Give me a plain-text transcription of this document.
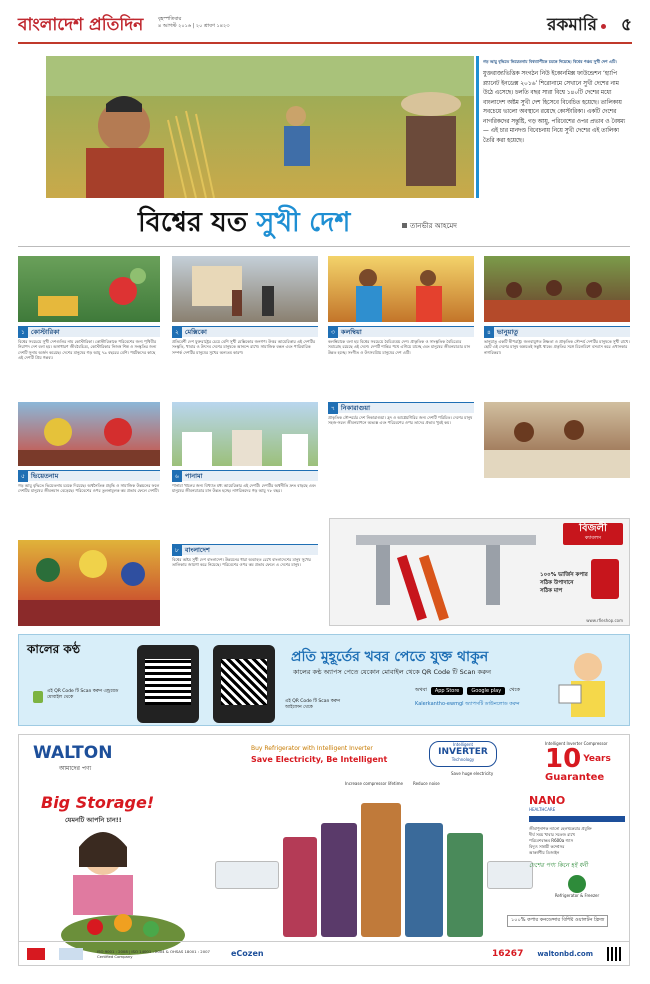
বাংলাদেশ প্রতিদিন	বৃহস্পতিবার
৪ আগস্ট ২০১৬ | ২০ শ্রাবণ ১৪২৩	রকমারি ৫
গড় আয়ু বৃদ্ধিতে ভিয়েতনাম বিশ্বব্যাপীকে চমকে দিয়েছে। বিশ্বের পঞ্চম সুখী দেশ এটি।
যুক্তরাজ্যভিত্তিক সংগঠন নিউ ইকোনমিক্স ফাউন্ডেশন ‘হ্যাপি প্ল্যানেট ইনডেক্স ২০১৬’ শিরোনামে সেখানে সুখী দেশের নাম উঠে এসেছে। চলতি বছর সারা বিশ্বে ১৪০টি দেশের মধ্যে বাংলাদেশ অষ্টম সুখী দেশ হিসেবে বিবেচিত হয়েছে। তালিকায় সবচেয়ে ভালো অবস্থানে রয়েছে কোস্টারিকা। একটি দেশের নাগরিকদের সন্তুষ্টি, গড় আয়ু, পরিবেশের ওপর প্রভাব ও বৈষম্য— এই চার মানদণ্ড বিবেচনায় নিয়ে সুখী দেশের এই তালিকা তৈরি করা হয়েছে।
বিশ্বের যত সুখী দেশ	তানভীর আহমেদ
১ কোস্টারিকা
বিশ্বের সবচেয়ে সুখী দেশগুলির নাম কোস্টারিকা। কোস্টারিকাকে পরিবেশের জন্য পৃথিবীর নিরাপদ দেশ বলা হয়। অসাধারণ জীববৈচিত্র্য, কোস্টারিকার নিজস্ব শিল্প ও সংস্কৃতির জন্য দেশটি সুনাম অর্জন করেছে। দেশের মানুষের গড় আয়ু ৭৯ বছরের বেশি। পর্যটকদের কাছে এই দেশটি প্রিয় গন্তব্য।
২ মেক্সিকো
প্রতিবেশী দেশ যুক্তরাষ্ট্রের চেয়ে বেশি সুখী মেক্সিকোর জনগণ। উত্তর আমেরিকার এই দেশটির সংস্কৃতি, খাবার ও উৎসব দেশের মানুষকে আনন্দে রাখে। সামাজিক বন্ধন এবং পারিবারিক সম্পর্ক দেশটির মানুষের সুখের অন্যতম কারণ।
৩ কলম্বিয়া
কলম্বিয়াকে বলা হয় বিশ্বের সবচেয়ে বৈচিত্র্যময় দেশ। প্রাকৃতিক ও সাংস্কৃতিক বৈচিত্র্যের সমারোহ রয়েছে এই দেশে। দেশটি শান্তির পথে এগিয়ে যাচ্ছে এবং মানুষের জীবনযাত্রার মান উন্নত হচ্ছে। সংগীত ও উৎসবপ্রিয় মানুষের দেশ এটি।
৪ ভানুয়াতু
ভানুয়াতু একটি দ্বীপরাষ্ট্র। জলবায়ুগত উষ্ণতা ও প্রাকৃতিক সৌন্দর্য দেশটির মানুষকে সুখী রাখে। ছোট এই দেশের মানুষ অল্পতেই সন্তুষ্ট থাকে। প্রকৃতির সঙ্গে মিলেমিশে বসবাস করে এখানকার নাগরিকরা।
৭ নিকারাগুয়া
প্রাকৃতিক সৌন্দর্যের দেশ নিকারাগুয়া। হ্রদ ও আগ্নেয়গিরির জন্য দেশটি পরিচিত। দেশের মানুষ সহজ-সরল জীবনযাপনে অভ্যস্ত এবং পরিবেশের ওপর তাদের প্রভাব খুবই কম।
৫ ভিয়েতনাম
গড় আয়ু বৃদ্ধিতে ভিয়েতনাম চমকে দিয়েছে। অর্থনৈতিক প্রবৃদ্ধি ও সামাজিক উন্নয়নের ফলে দেশটির মানুষের জীবনমান বেড়েছে। পরিবেশের ওপর তুলনামূলক কম প্রভাব ফেলে দেশটি।
৬ পানামা
পানামা খালের জন্য বিখ্যাত মধ্য আমেরিকার এই দেশটি। দেশটির অর্থনীতি দ্রুত বাড়ছে এবং মানুষের জীবনযাত্রার মান উন্নত হচ্ছে। নাগরিকদের গড় আয়ু ৭৮ বছর।
৮ বাংলাদেশ
বিশ্বের অষ্টম সুখী দেশ বাংলাদেশ। উন্নয়নের ধারা অব্যাহত রেখে বাংলাদেশের মানুষ সুখের তালিকায় জায়গা করে নিয়েছে। পরিবেশের ওপর কম প্রভাব ফেলে এ দেশের মানুষ।
বিজলী
ক্যাবলস
১০০% ভার্জিন কপার
সঠিক উপাদানে
সঠিক মাপ
www.rfleshop.com
কালের কণ্ঠ
এই QR Code টি Scan করুন এন্ড্রয়েড মোবাইল থেকে
এই QR Code টি Scan করুন আইফোন থেকে
প্রতি মুহূর্তের খবর পেতে যুক্ত থাকুন
কালের কণ্ঠ অ্যাপস পেতে যেকোন মোবাইল থেকে QR Code টি Scan করুন
অথবা	App Store	Google play	থেকে
Kalerkantho-ewmgl অ্যাপসটি ডাউনলোড করুন
WALTON
আমাদের পণ্য
Buy Refrigerator with Intelligent Inverter
Save Electricity, Be Intelligent
Intelligent
INVERTER
Technology
Save huge electricity
Increase compressor lifetime	Reduce noise
Intelligent Inverter Compressor
10 Years
Guarantee
Big Storage!
যেমনটি আপনি চান!!
NANO
HEALTHCARE
জীবাণুনাশক ন্যানো হেলথকেয়ার প্রযুক্তি
দীর্ঘ সময় খাবার সতেজ রাখে
পরিবেশবান্ধব R600a গ্যাস
বিদ্যুৎ সাশ্রয়ী কম্প্রেসর
আকর্ষণীয় ডিজাইন
দেশের পণ্য কিনে হই ধনী
Refrigerator & Freezer
১০০% কপার কনডেন্সার বিশিষ্ট ওয়ালটন ফ্রিজ
ISO 9001 : 2008 | ISO 14001 : 2004 & OHSAS 18001 : 2007 Certified Company	eCozen	16267 waltonbd.com
